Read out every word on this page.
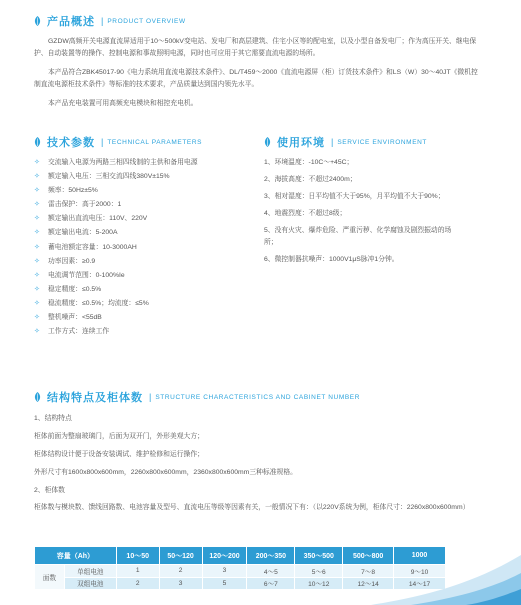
产品概述 | PRODUCT OVERVIEW
GZDW高频开关电源直流屏适用于10～500kV变电站、发电厂和高层建筑、住宅小区等的配电室，以及小型自备发电厂；作为高压开关、继电保护、自动装置等的操作、控制电源和事故照明电源，同时也可应用于其它需要直流电源的场所。
本产品符合ZBK45017-90《电力系统用直流电源技术条件》、DL/T459～2000《直流电源屏（柜）订货技术条件》和LS（W）30～40JT《微机控制直流电源柜技术条件》等标准的技术要求，产品质量达到国内领先水平。
本产品充电装置可用高频充电模块和相控充电机。
技术参数 | TECHNICAL PARAMETERS
✧	交流输入电源为两路三相四线制的主供和备用电源
✧	额定输入电压：三相交流四线380V±15%
✧	频率：50Hz±5%
✧	雷击保护：高于2000：1
✧	额定输出直流电压：110V、220V
✧	额定输出电流：5-200A
✧	蓄电池额定容量：10-3000AH
✧	功率因素：≥0.9
✧	电流调节范围：0-100%Ie
✧	稳定精度：≤0.5%
✧	稳流精度：≤0.5%；均流度：≤5%
✧	整机噪声：<55dB
✧	工作方式：连续工作
使用环境 | SERVICE ENVIRONMENT
1、环境温度：-10C～+45C；
2、海拔高度：不超过2400m；
3、相对湿度：日平均值不大于95%，月平均值不大于90%；
4、地震烈度：不超过8级；
5、没有火灾、爆炸危险、严重污秽、化学腐蚀及剧烈振动的场所；
6、微控制器抗噪声：1000V1μS脉冲1分钟。
结构特点及柜体数 | STRUCTURE CHARACTERISTICS AND CABINET NUMBER
1、结构特点
柜体前面为整扇玻璃门，后面为双开门，外形美观大方；
柜体结构设计便于设备安装调试、维护检修和运行操作；
外形尺寸有1600x800x600mm，2260x800x600mm，2360x800x600mm三种标准规格。
2、柜体数
柜体数与模块数、馈线回路数、电池容量及型号、直流电压等级等因素有关，一般情况下有：（以220V系统为例，柜体尺寸：2260x800x600mm）
容量（Ah）		10～50	50～120	120～200	200～350	350～500	500～800	1000
面数	单组电池	1	2	3	4～5	5～6	7～8	9～10
	双组电池	2	3	5	6～7	10～12	12～14	14～17
